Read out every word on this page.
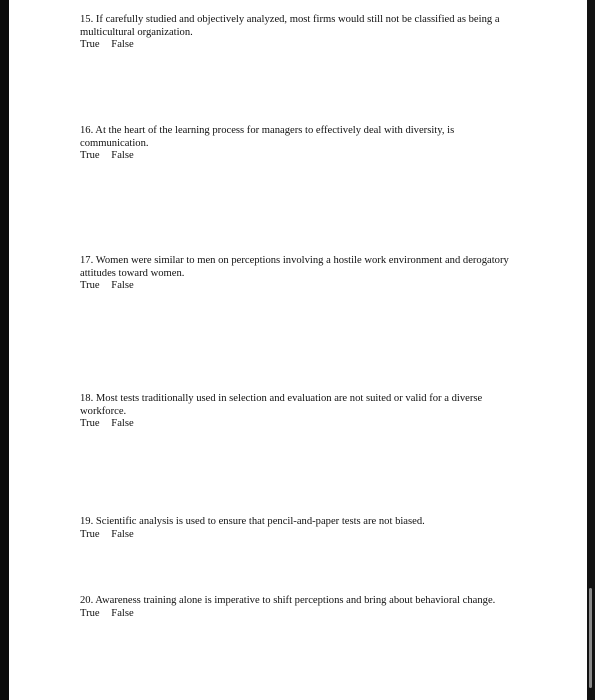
15. If carefully studied and objectively analyzed, most firms would still not be classified as being a multicultural organization.
True False
16. At the heart of the learning process for managers to effectively deal with diversity, is communication.
True False
17. Women were similar to men on perceptions involving a hostile work environment and derogatory attitudes toward women.
True False
18. Most tests traditionally used in selection and evaluation are not suited or valid for a diverse workforce.
True False
19. Scientific analysis is used to ensure that pencil-and-paper tests are not biased.
True False
20. Awareness training alone is imperative to shift perceptions and bring about behavioral change.
True False
